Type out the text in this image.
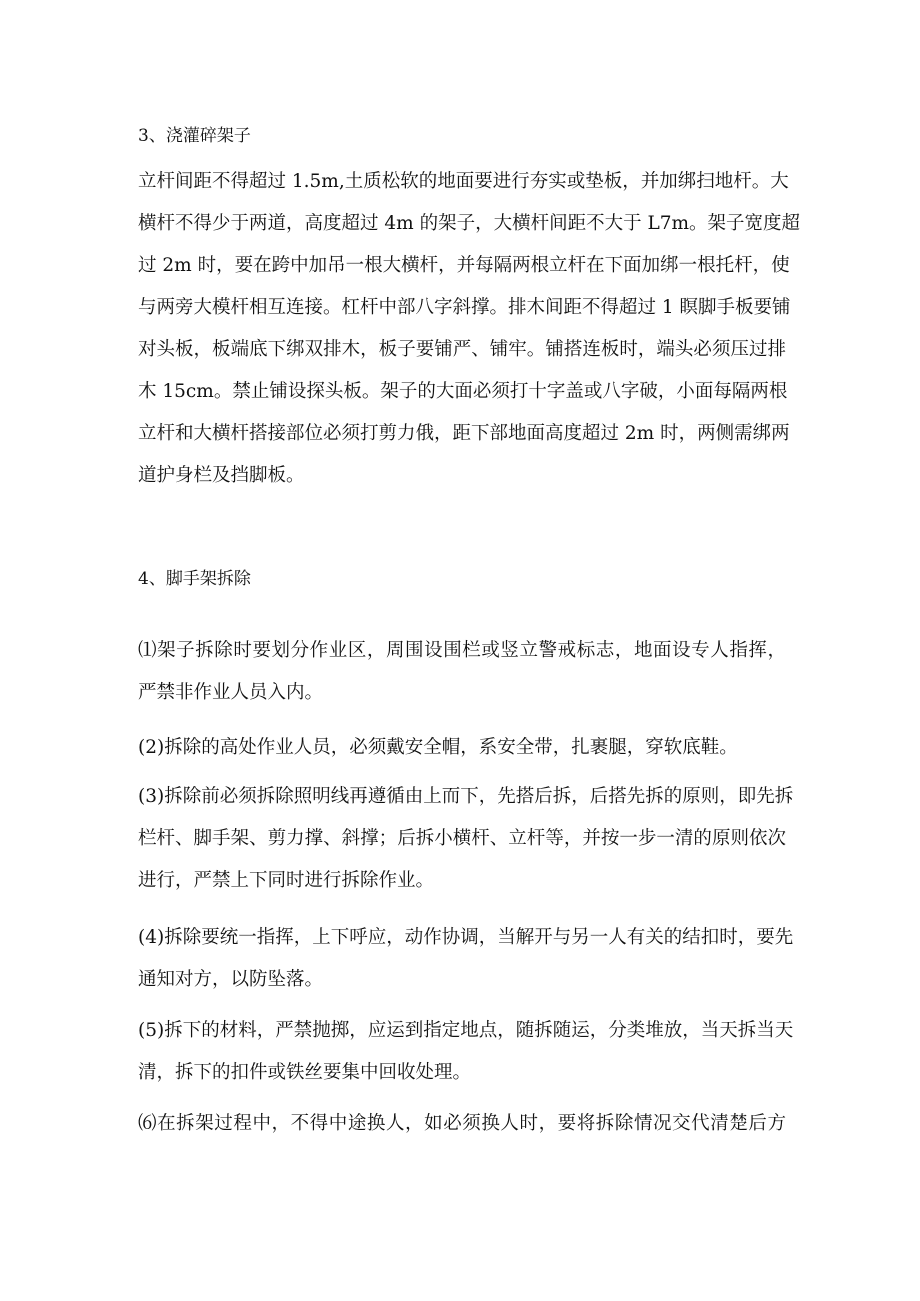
3、浇灌碎架子
立杆间距不得超过 1.5m,土质松软的地面要进行夯实或垫板，并加绑扫地杆。大
横杆不得少于两道，高度超过 4m 的架子，大横杆间距不大于 L7m。架子宽度超
过 2m 时，要在跨中加吊一根大横杆，并每隔两根立杆在下面加绑一根托杆，使
与两旁大模杆相互连接。杠杆中部八字斜撑。排木间距不得超过 1 瞑脚手板要铺
对头板，板端底下绑双排木，板子要铺严、铺牢。铺搭连板时，端头必须压过排
木 15cm。禁止铺设探头板。架子的大面必须打十字盖或八字破，小面每隔两根
立杆和大横杆搭接部位必须打剪力俄，距下部地面高度超过 2m 时，两侧需绑两
道护身栏及挡脚板。
4、脚手架拆除
⑴架子拆除时要划分作业区，周围设围栏或竖立警戒标志，地面设专人指挥，
严禁非作业人员入内。
(2)拆除的高处作业人员，必须戴安全帽，系安全带，扎裹腿，穿软底鞋。
(3)拆除前必须拆除照明线再遵循由上而下，先搭后拆，后搭先拆的原则，即先拆
栏杆、脚手架、剪力撑、斜撑；后拆小横杆、立杆等，并按一步一清的原则依次
进行，严禁上下同时进行拆除作业。
(4)拆除要统一指挥，上下呼应，动作协调，当解开与另一人有关的结扣时，要先
通知对方，以防坠落。
(5)拆下的材料，严禁抛掷，应运到指定地点，随拆随运，分类堆放，当天拆当天
清，拆下的扣件或铁丝要集中回收处理。
⑹在拆架过程中，不得中途换人，如必须换人时，要将拆除情况交代清楚后方
